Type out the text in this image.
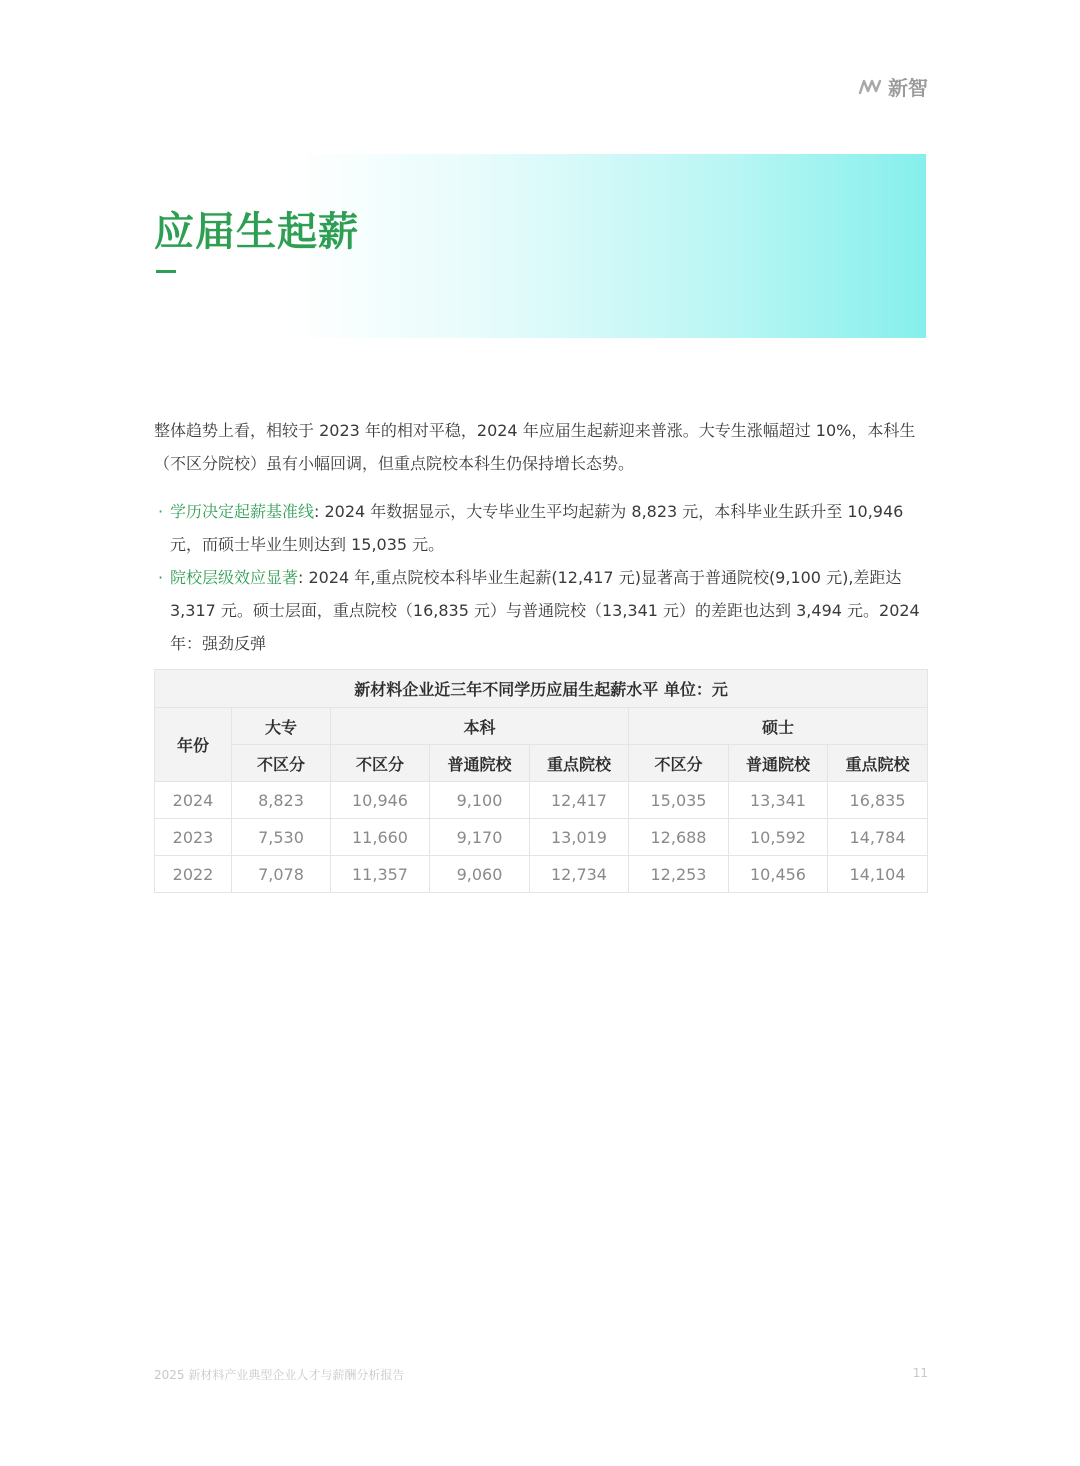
新智
应届生起薪

整体趋势上看，相较于 2023 年的相对平稳，2024 年应届生起薪迎来普涨。大专生涨幅超过 10%，本科生（不区分院校）虽有小幅回调，但重点院校本科生仍保持增长态势。

· 学历决定起薪基准线: 2024 年数据显示，大专毕业生平均起薪为 8,823 元，本科毕业生跃升至 10,946 元，而硕士毕业生则达到 15,035 元。
· 院校层级效应显著: 2024 年,重点院校本科毕业生起薪(12,417 元)显著高于普通院校(9,100 元),差距达 3,317 元。硕士层面，重点院校（16,835 元）与普通院校（13,341 元）的差距也达到 3,494 元。2024 年：强劲反弹
新材料企业近三年不同学历应届生起薪水平 单位：元							
年份	大专	本科			硕士		
	不区分	不区分	普通院校	重点院校	不区分	普通院校	重点院校
2024	8,823	10,946	9,100	12,417	15,035	13,341	16,835
2023	7,530	11,660	9,170	13,019	12,688	10,592	14,784
2022	7,078	11,357	9,060	12,734	12,253	10,456	14,104
2025 新材料产业典型企业人才与薪酬分析报告	11
